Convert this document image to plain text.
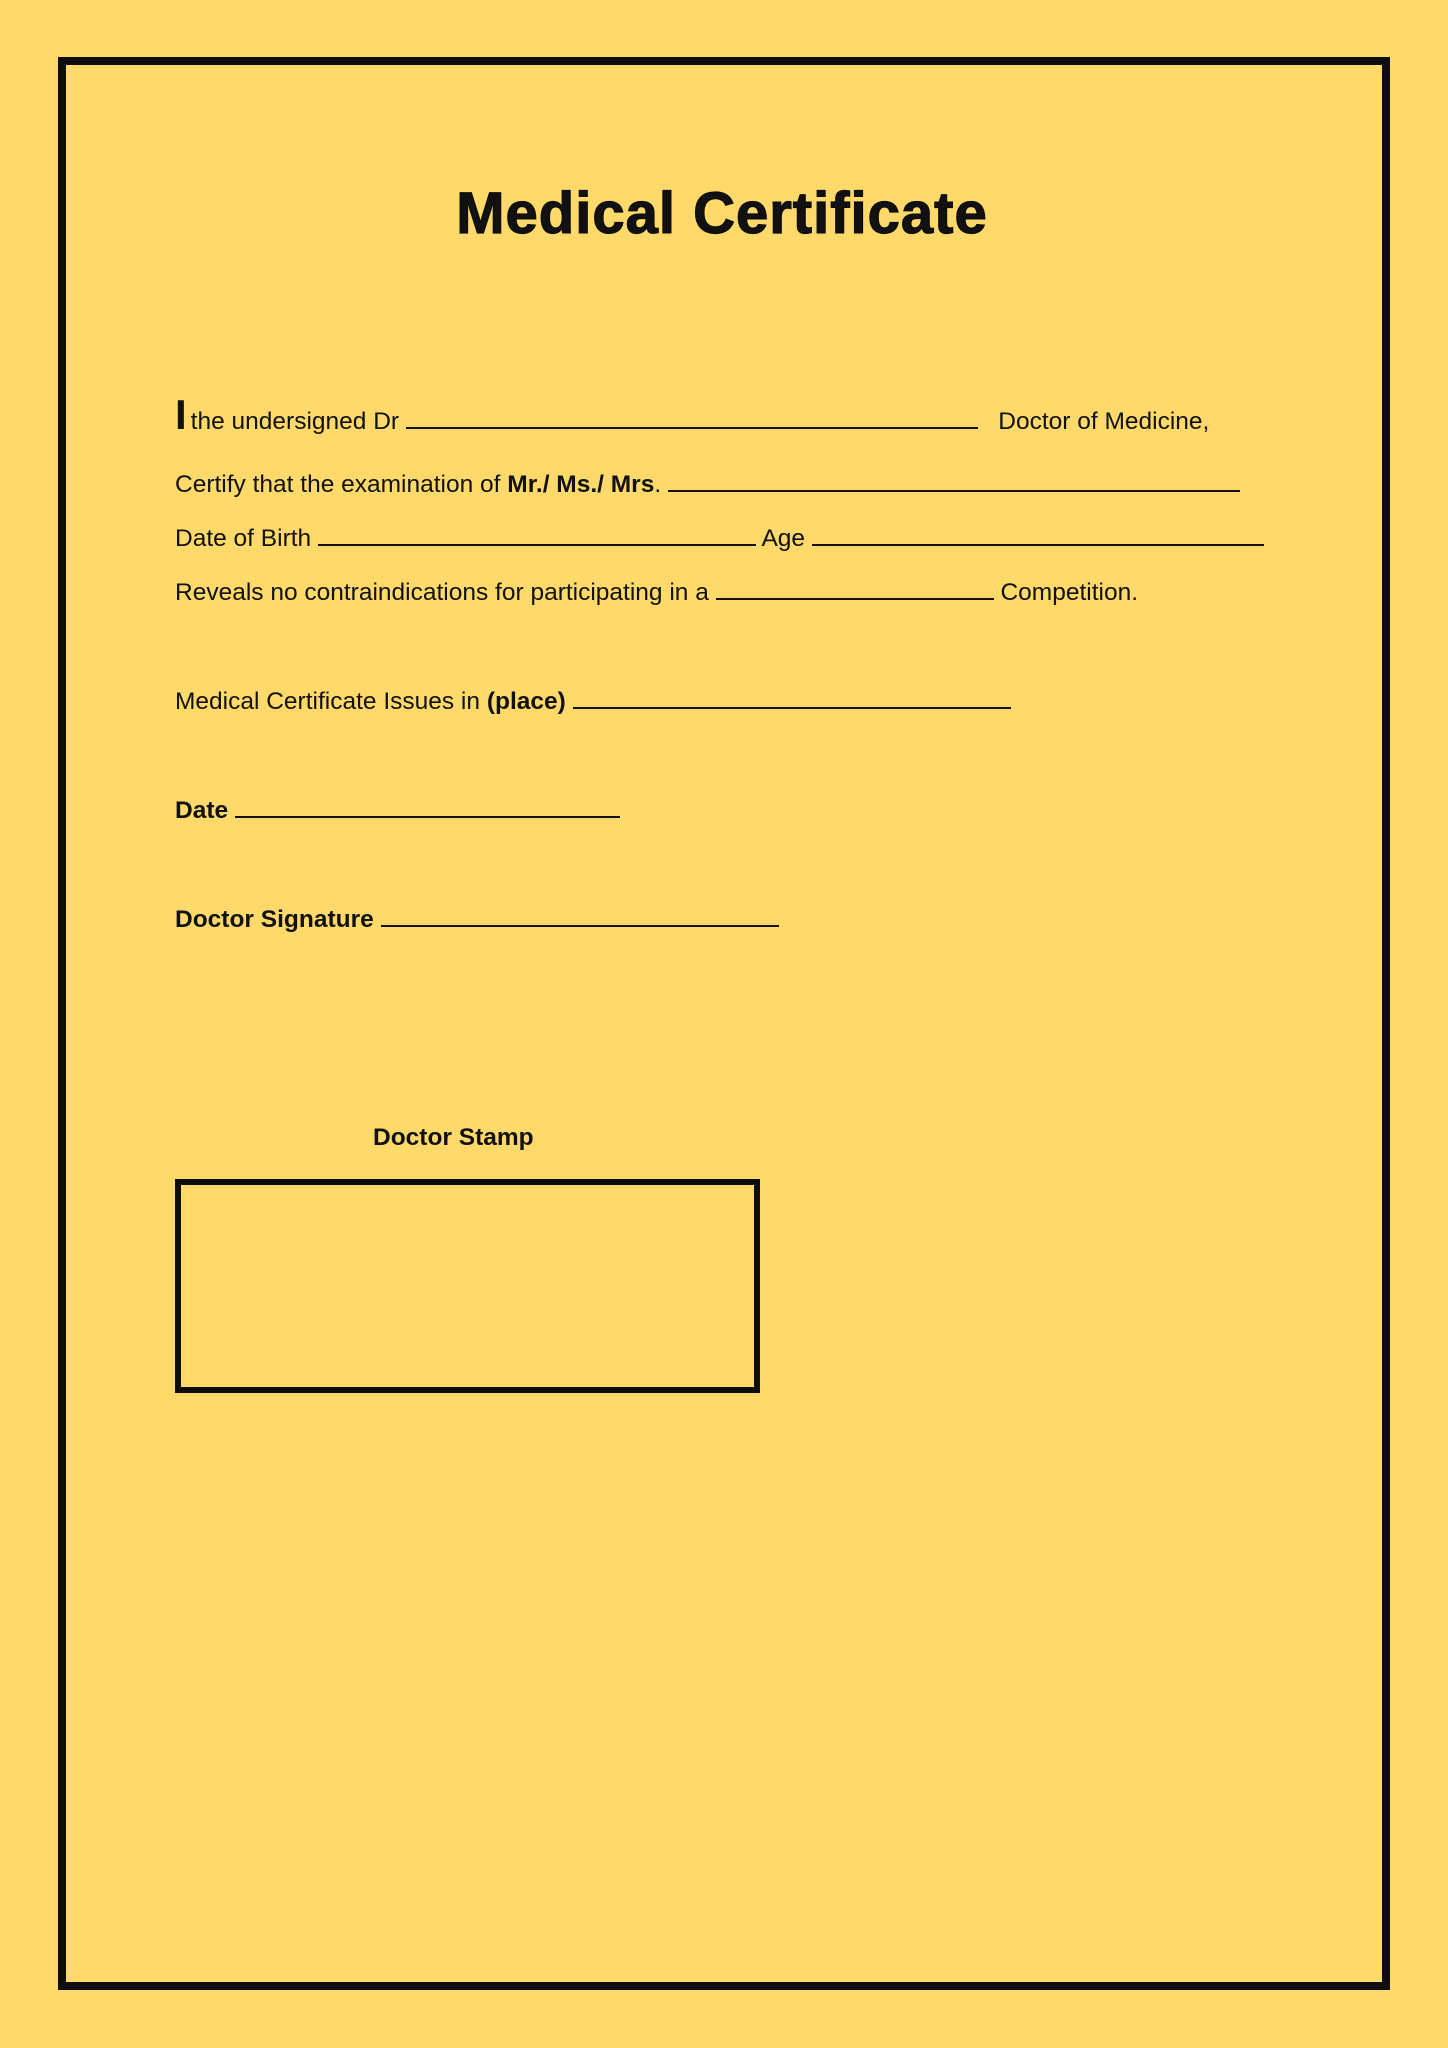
Medical Certificate
Ithe undersigned Dr	Doctor of Medicine,
Certify that the examination of Mr./ Ms./ Mrs.
Date of Birth	Age
Reveals no contraindications for participating in a	Competition.
Medical Certificate Issues in (place)
Date
Doctor Signature
Doctor Stamp
